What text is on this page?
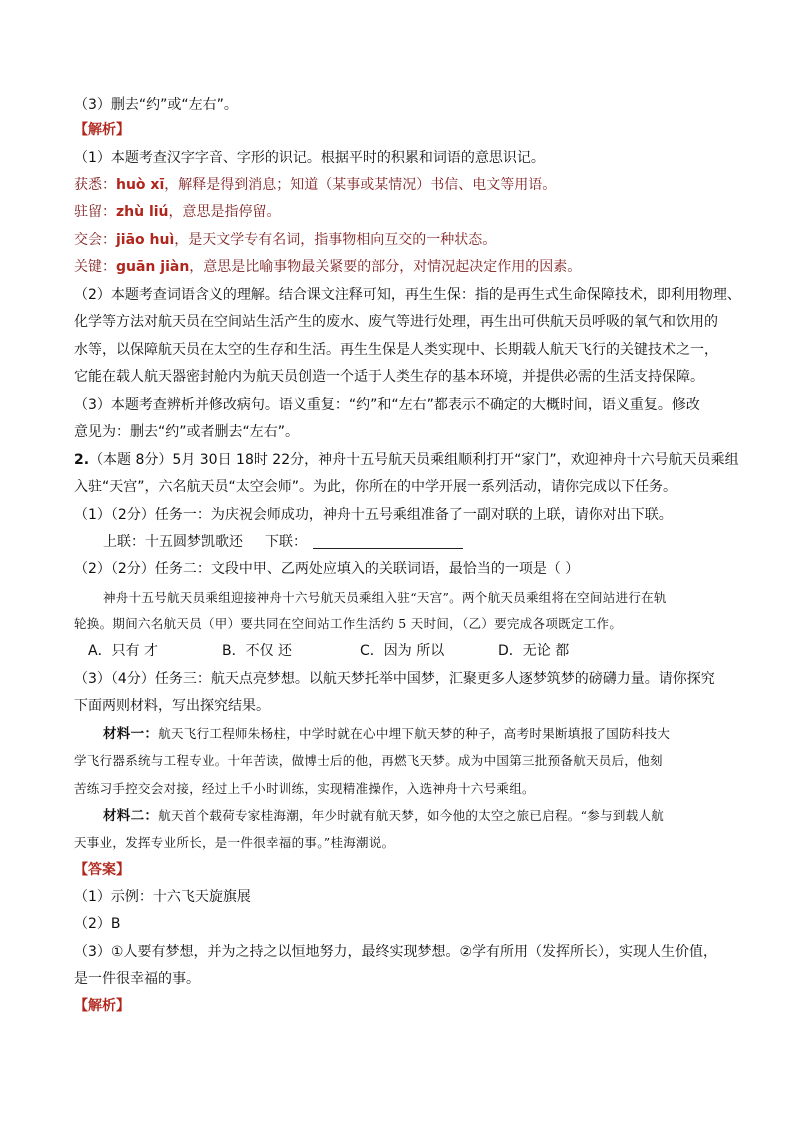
（3）删去“约”或“左右”。
【解析】
（1）本题考查汉字字音、字形的识记。根据平时的积累和词语的意思识记。
获悉：huò xī，解释是得到消息；知道（某事或某情况）书信、电文等用语。
驻留：zhù liú，意思是指停留。
交会：jiāo huì，是天文学专有名词，指事物相向互交的一种状态。
关键：guān jiàn，意思是比喻事物最关紧要的部分，对情况起决定作用的因素。
（2）本题考查词语含义的理解。结合课文注释可知，再生生保：指的是再生式生命保障技术，即利用物理、
化学等方法对航天员在空间站生活产生的废水、废气等进行处理，再生出可供航天员呼吸的氧气和饮用的
水等，以保障航天员在太空的生存和生活。再生生保是人类实现中、长期载人航天飞行的关键技术之一，
它能在载人航天器密封舱内为航天员创造一个适于人类生存的基本环境，并提供必需的生活支持保障。
（3）本题考查辨析并修改病句。语义重复：“约”和“左右”都表示不确定的大概时间，语义重复。修改
意见为：删去“约”或者删去“左右”。
2.（本题 8分）5月 30日 18时 22分，神舟十五号航天员乘组顺利打开“家门”，欢迎神舟十六号航天员乘组
入驻“天宫”，六名航天员“太空会师”。为此，你所在的中学开展一系列活动，请你完成以下任务。
（1）（2分）任务一：为庆祝会师成功，神舟十五号乘组准备了一副对联的上联，请你对出下联。
上联：十五圆梦凯歌还 下联：
（2）（2分）任务二：文段中甲、乙两处应填入的关联词语，最恰当的一项是（ ）
神舟十五号航天员乘组迎接神舟十六号航天员乘组入驻“天宫”。两个航天员乘组将在空间站进行在轨
轮换。期间六名航天员（甲）要共同在空间站工作生活约 5 天时间，（乙）要完成各项既定工作。
A．只有 才	B．不仅 还	C．因为 所以	D．无论 都
（3）（4分）任务三：航天点亮梦想。以航天梦托举中国梦，汇聚更多人逐梦筑梦的磅礴力量。请你探究
下面两则材料，写出探究结果。
材料一：航天飞行工程师朱杨柱，中学时就在心中埋下航天梦的种子，高考时果断填报了国防科技大
学飞行器系统与工程专业。十年苦读，做博士后的他，再燃飞天梦。成为中国第三批预备航天员后，他刻
苦练习手控交会对接，经过上千小时训练，实现精准操作，入选神舟十六号乘组。
材料二：航天首个载荷专家桂海潮，年少时就有航天梦，如今他的太空之旅已启程。“参与到载人航
天事业，发挥专业所长，是一件很幸福的事。”桂海潮说。
【答案】
（1）示例：十六飞天旋旗展
（2）B
（3）①人要有梦想，并为之持之以恒地努力，最终实现梦想。②学有所用（发挥所长），实现人生价值，
是一件很幸福的事。
【解析】
